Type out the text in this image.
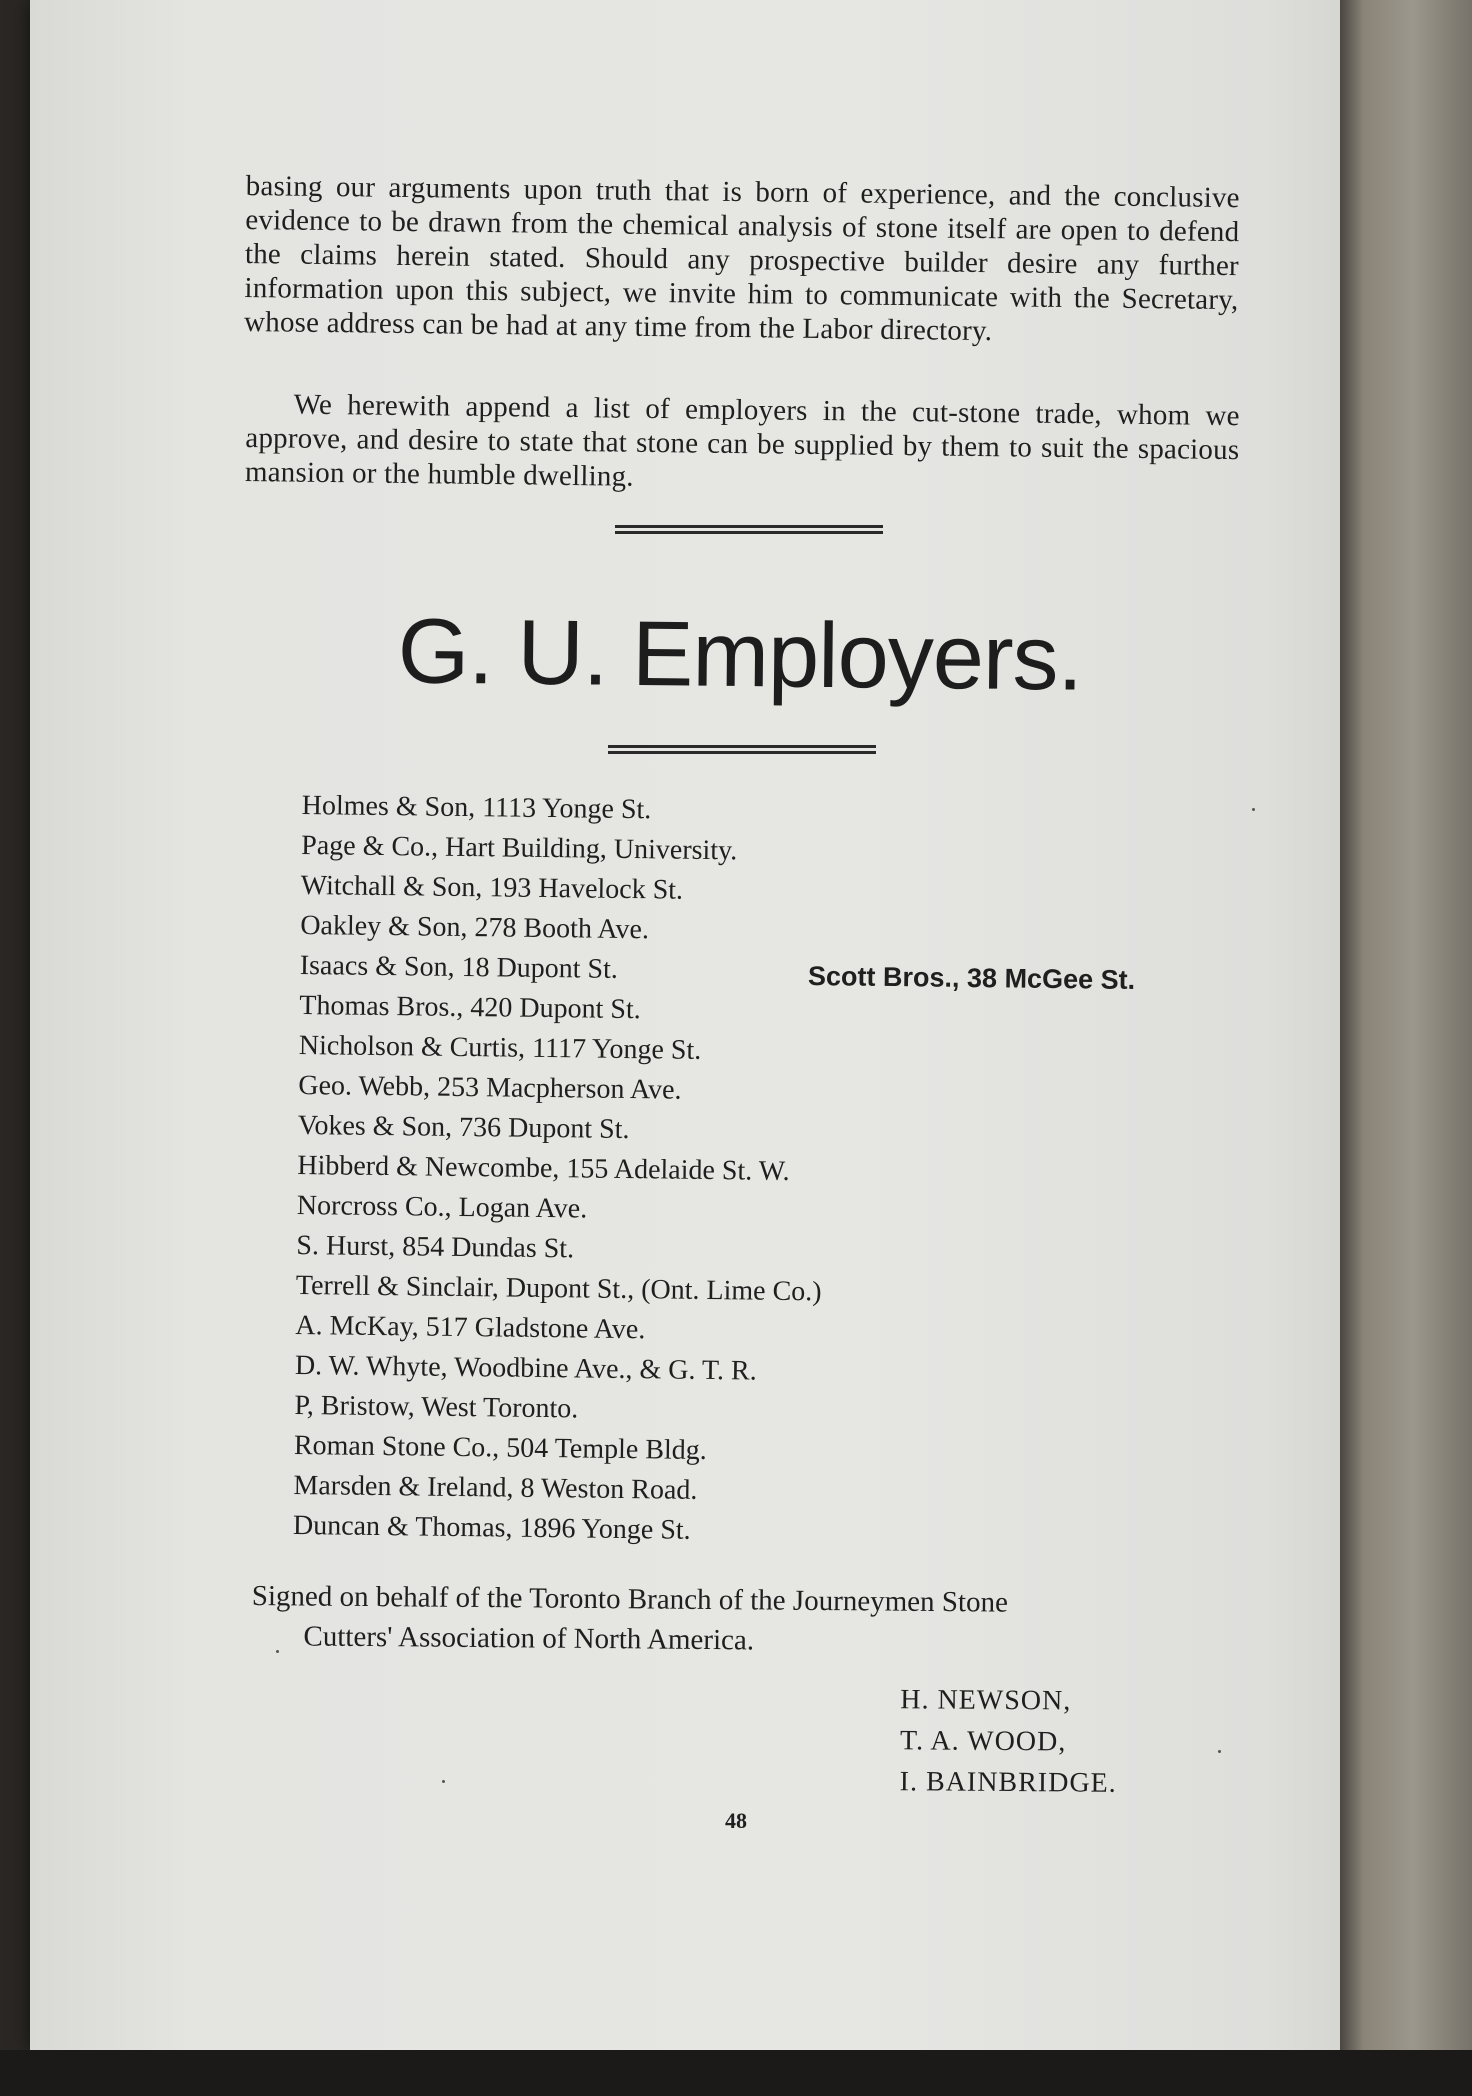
basing our arguments upon truth that is born of experience, and the conclusive evidence to be drawn from the chemical analysis of stone itself are open to defend the claims herein stated. Should any prospective builder desire any further information upon this subject, we invite him to communicate with the Secretary, whose address can be had at any time from the Labor directory.

We herewith append a list of employers in the cut-stone trade, whom we approve, and desire to state that stone can be supplied by them to suit the spacious mansion or the humble dwelling.

G. U. Employers.
Holmes & Son, 1113 Yonge St.
Page & Co., Hart Building, University.
Witchall & Son, 193 Havelock St.
Oakley & Son, 278 Booth Ave.
Isaacs & Son, 18 Dupont St.
Thomas Bros., 420 Dupont St.
Nicholson & Curtis, 1117 Yonge St.
Geo. Webb, 253 Macpherson Ave.
Vokes & Son, 736 Dupont St.
Hibberd & Newcombe, 155 Adelaide St. W.
Norcross Co., Logan Ave.
S. Hurst, 854 Dundas St.
Terrell & Sinclair, Dupont St., (Ont. Lime Co.)
A. McKay, 517 Gladstone Ave.
D. W. Whyte, Woodbine Ave., & G. T. R.
P, Bristow, West Toronto.
Roman Stone Co., 504 Temple Bldg.
Marsden & Ireland, 8 Weston Road.
Duncan & Thomas, 1896 Yonge St.
Scott Bros., 38 McGee St.
Signed on behalf of the Toronto Branch of the Journeymen Stone
Cutters' Association of North America.
H. NEWSON,
T. A. WOOD,
I. BAINBRIDGE.
48
